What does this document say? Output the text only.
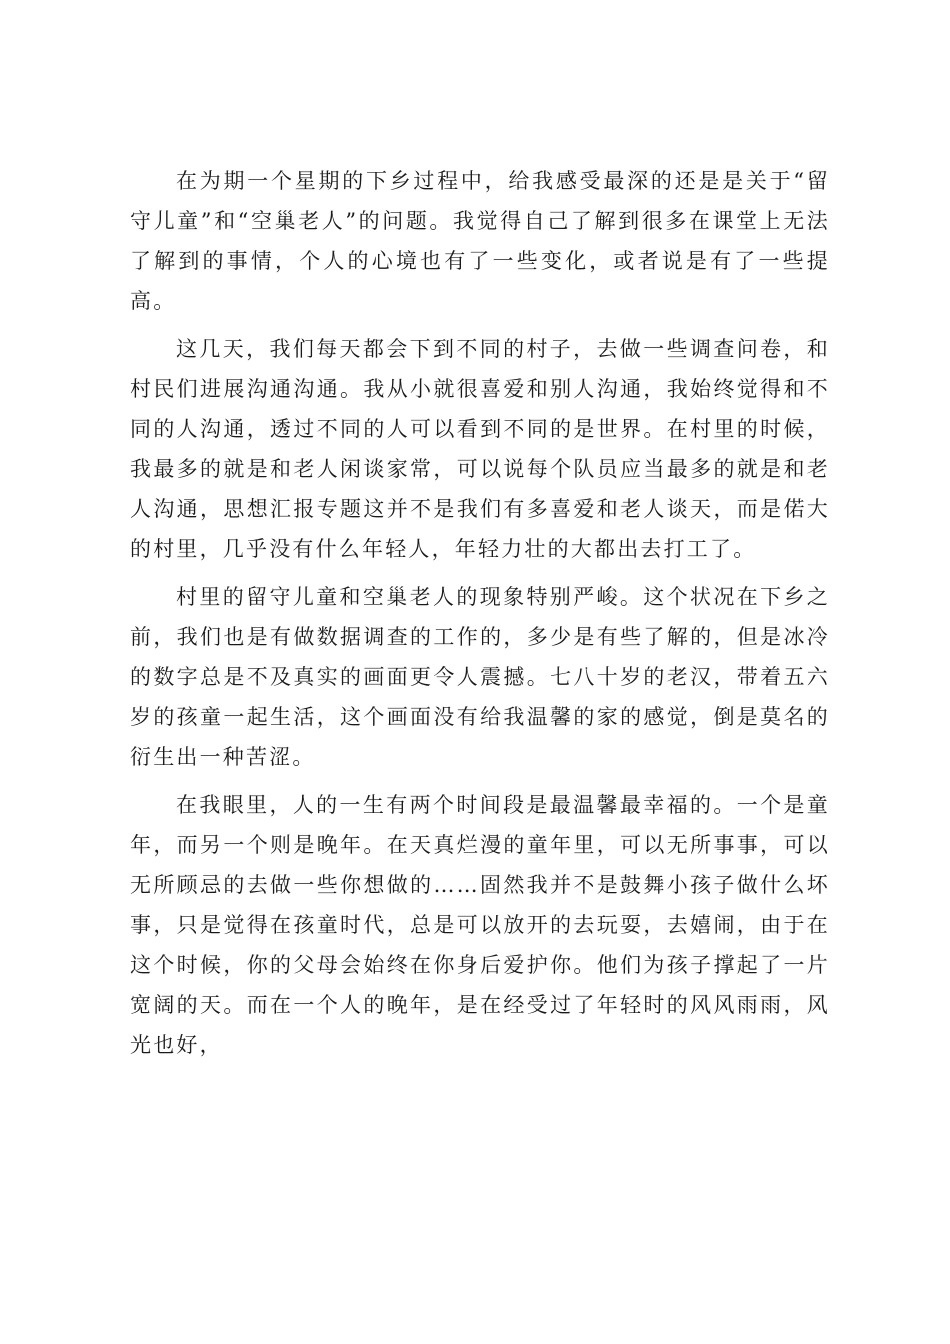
在为期一个星期的下乡过程中，给我感受最深的还是是关于“留守儿童”和“空巢老人”的问题。我觉得自己了解到很多在课堂上无法了解到的事情，个人的心境也有了一些变化，或者说是有了一些提高。

这几天，我们每天都会下到不同的村子，去做一些调查问卷，和村民们进展沟通沟通。我从小就很喜爱和别人沟通，我始终觉得和不同的人沟通，透过不同的人可以看到不同的是世界。在村里的时候，我最多的就是和老人闲谈家常，可以说每个队员应当最多的就是和老人沟通，思想汇报专题这并不是我们有多喜爱和老人谈天，而是偌大的村里，几乎没有什么年轻人，年轻力壮的大都出去打工了。

村里的留守儿童和空巢老人的现象特别严峻。这个状况在下乡之前，我们也是有做数据调查的工作的，多少是有些了解的，但是冰冷的数字总是不及真实的画面更令人震撼。七八十岁的老汉，带着五六岁的孩童一起生活，这个画面没有给我温馨的家的感觉，倒是莫名的衍生出一种苦涩。

在我眼里，人的一生有两个时间段是最温馨最幸福的。一个是童年，而另一个则是晚年。在天真烂漫的童年里，可以无所事事，可以无所顾忌的去做一些你想做的……固然我并不是鼓舞小孩子做什么坏事，只是觉得在孩童时代，总是可以放开的去玩耍，去嬉闹，由于在这个时候，你的父母会始终在你身后爱护你。他们为孩子撑起了一片宽阔的天。而在一个人的晚年，是在经受过了年轻时的风风雨雨，风光也好，
